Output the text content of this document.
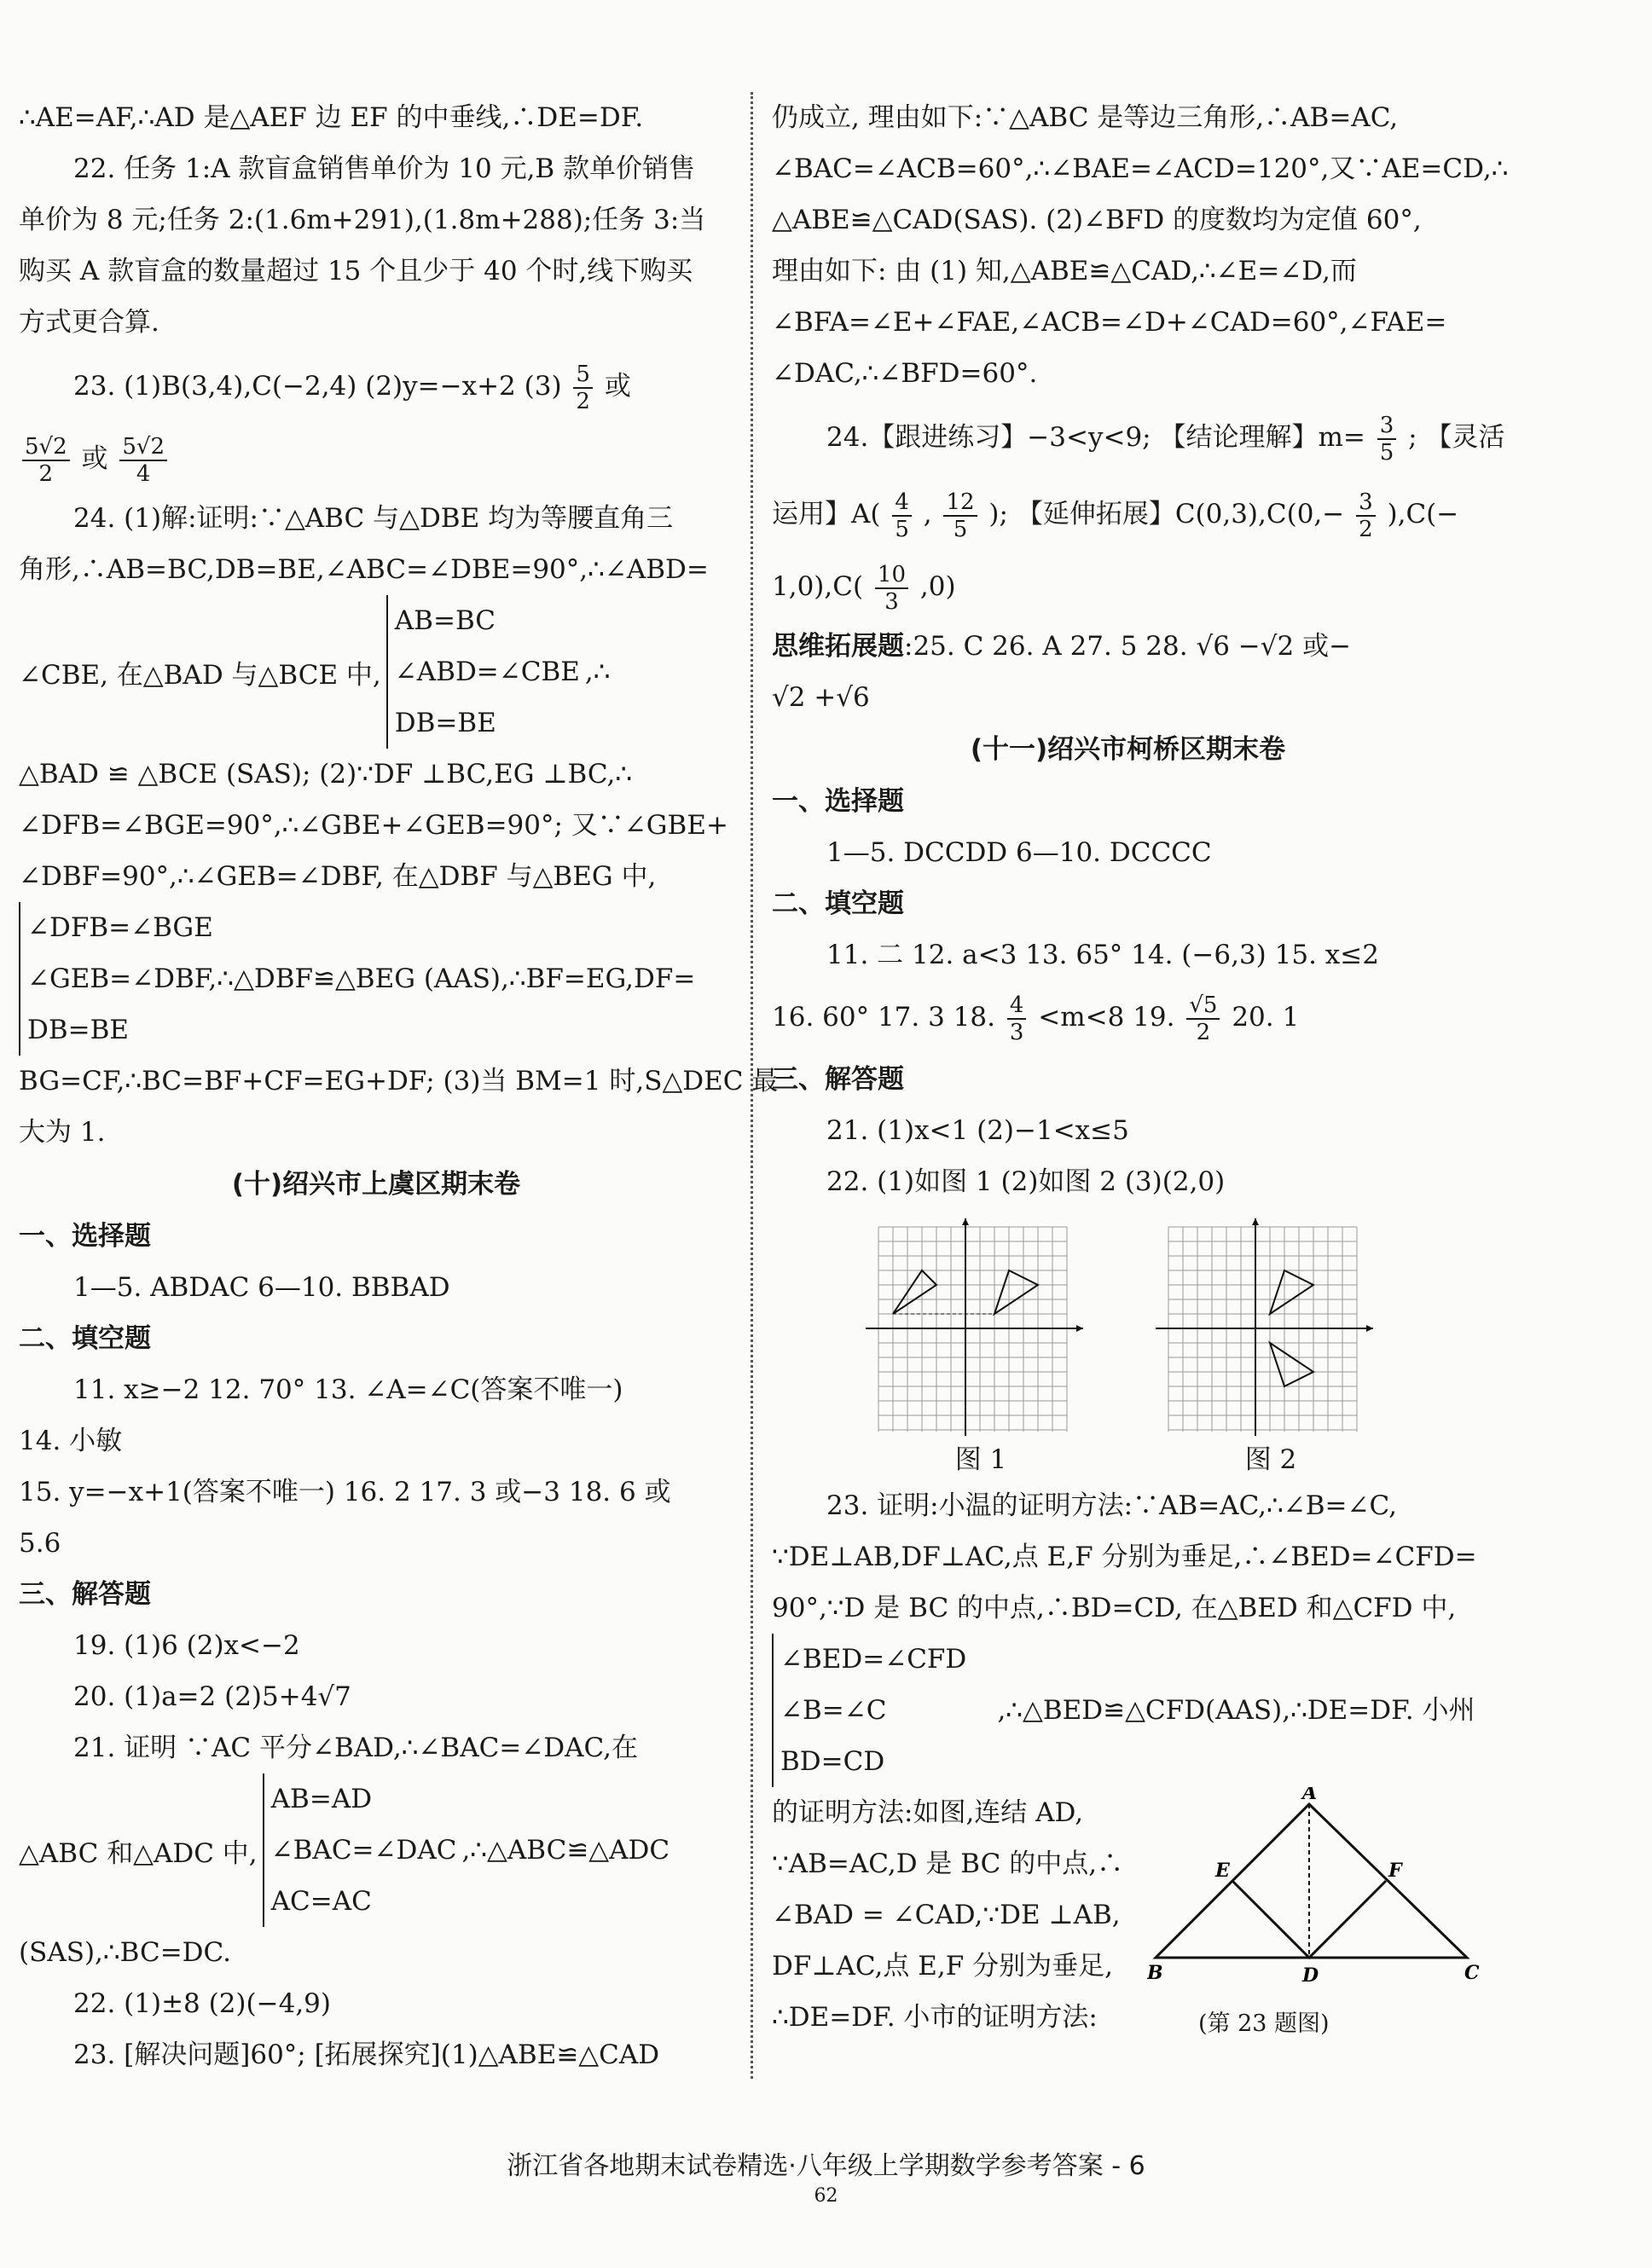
∴AE=AF,∴AD 是△AEF 边 EF 的中垂线,∴DE=DF.

22. 任务 1:A 款盲盒销售单价为 10 元,B 款单价销售

单价为 8 元;任务 2:(1.6m+291),(1.8m+288);任务 3:当

购买 A 款盲盒的数量超过 15 个且少于 40 个时,线下购买

方式更合算.

23. (1)B(3,4),C(−2,4) (2)y=−x+2 $(3) \frac{5}{2}$ 或

$\frac{5√2}{2}$ 或 $\frac{5√2}{4}$

24. (1)解:证明:∵△ABC 与△DBE 均为等腰直角三

角形,∴AB=BC,DB=BE,∠ABC=∠DBE=90°,∴∠ABD=

∠CBE, 在△BAD 与△BCE 中,
AB=BC
∠ABD=∠CBE
DB=BE
,∴

△BAD ≌ △BCE (SAS); (2)∵DF ⊥BC,EG ⊥BC,∴

∠DFB=∠BGE=90°,∴∠GBE+∠GEB=90°; 又∵∠GBE+

∠DBF=90°,∴∠GEB=∠DBF, 在△DBF 与△BEG 中,

∠DFB=∠BGE
∠GEB=∠DBF,∴△DBF≌△BEG (AAS),∴BF=EG,DF=
DB=BE

BG=CF,∴BC=BF+CF=EG+DF; (3)当 BM=1 时,S△DEC 最

大为 1.

(十)绍兴市上虞区期末卷

一、选择题

1—5. ABDAC 6—10. BBBAD

二、填空题

11. x≥−2 12. 70° 13. ∠A=∠C(答案不唯一)

14. 小敏

15. y=−x+1(答案不唯一) 16. 2 17. 3 或−3 18. 6 或

5.6

三、解答题

19. (1)6 (2)x<−2

20. (1)a=2 (2)5+4√7

21. 证明 ∵AC 平分∠BAD,∴∠BAC=∠DAC,在

△ABC 和△ADC 中,
AB=AD
∠BAC=∠DAC
AC=AC
,∴△ABC≌△ADC

(SAS),∴BC=DC.

22. (1)±8 (2)(−4,9)

23. [解决问题]60°; [拓展探究](1)△ABE≌△CAD

仍成立, 理由如下:∵△ABC 是等边三角形,∴AB=AC,

∠BAC=∠ACB=60°,∴∠BAE=∠ACD=120°,又∵AE=CD,∴

△ABE≌△CAD(SAS). (2)∠BFD 的度数均为定值 60°,

理由如下: 由 (1) 知,△ABE≌△CAD,∴∠E=∠D,而

∠BFA=∠E+∠FAE,∠ACB=∠D+∠CAD=60°,∠FAE=

∠DAC,∴∠BFD=60°.

24.【跟进练习】−3<y<9; 【结论理解】$m= \frac{3}{5}$ ; 【灵活

运用】$A( \frac{4}{5}$ , $\frac{12}{5}$ ); 【延伸拓展】$C(0,3),C(0,- \frac{3}{2} ),C(-$

$1,0),C( \frac{10}{3} ,0)$

思维拓展题:25. C 26. A 27. 5 28. √6 −√2 或−

√2 +√6

(十一)绍兴市柯桥区期末卷

一、选择题

1—5. DCCDD 6—10. DCCCC

二、填空题

11. 二 12. a<3 13. 65° 14. (−6,3) 15. x≤2

16. 60° 17. 3 18. $\frac{4}{3} <m<8$ 19. $\frac{√5}{2} 20$. 1

三、解答题

21. (1)x<1 (2)−1<x≤5

22. (1)如图 1 (2)如图 2 (3)(2,0)

图 1	图 2

23. 证明:小温的证明方法:∵AB=AC,∴∠B=∠C,

∵DE⊥AB,DF⊥AC,点 E,F 分别为垂足,∴∠BED=∠CFD=

90°,∵D 是 BC 的中点,∴BD=CD, 在△BED 和△CFD 中,

∠BED=∠CFD
∠B=∠C	,∴△BED≌△CFD(AAS),∴DE=DF. 小州
BD=CD

的证明方法:如图,连结 AD,

∵AB=AC,D 是 BC 的中点,∴

∠BAD = ∠CAD,∵DE ⊥AB,

DF⊥AC,点 E,F 分别为垂足,

∴DE=DF. 小市的证明方法:

A
B	C
D
E	F
(第 23 题图)
浙江省各地期末试卷精选·八年级上学期数学参考答案 - 6
62
